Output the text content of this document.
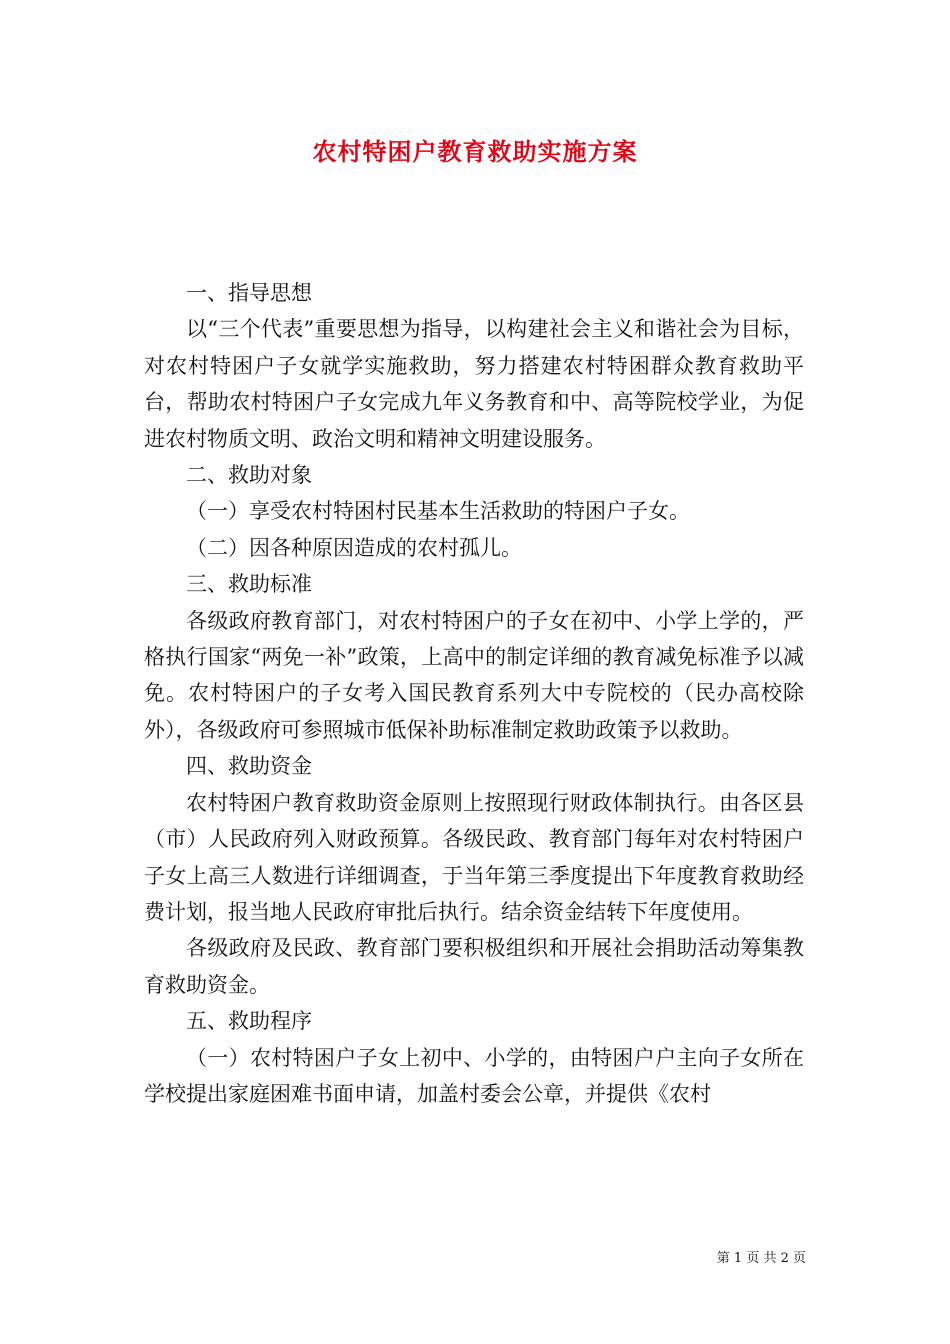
农村特困户教育救助实施方案

一、指导思想

以“三个代表”重要思想为指导，以构建社会主义和谐社会为目标，对农村特困户子女就学实施救助，努力搭建农村特困群众教育救助平台，帮助农村特困户子女完成九年义务教育和中、高等院校学业，为促进农村物质文明、政治文明和精神文明建设服务。

二、救助对象

（一）享受农村特困村民基本生活救助的特困户子女。

（二）因各种原因造成的农村孤儿。

三、救助标准

各级政府教育部门，对农村特困户的子女在初中、小学上学的，严格执行国家“两免一补”政策，上高中的制定详细的教育减免标准予以减免。农村特困户的子女考入国民教育系列大中专院校的（民办高校除外），各级政府可参照城市低保补助标准制定救助政策予以救助。

四、救助资金

农村特困户教育救助资金原则上按照现行财政体制执行。由各区县（市）人民政府列入财政预算。各级民政、教育部门每年对农村特困户子女上高三人数进行详细调查，于当年第三季度提出下年度教育救助经费计划，报当地人民政府审批后执行。结余资金结转下年度使用。

各级政府及民政、教育部门要积极组织和开展社会捐助活动筹集教育救助资金。

五、救助程序

（一）农村特困户子女上初中、小学的，由特困户户主向子女所在学校提出家庭困难书面申请，加盖村委会公章，并提供《农村

第 1 页 共 2 页
